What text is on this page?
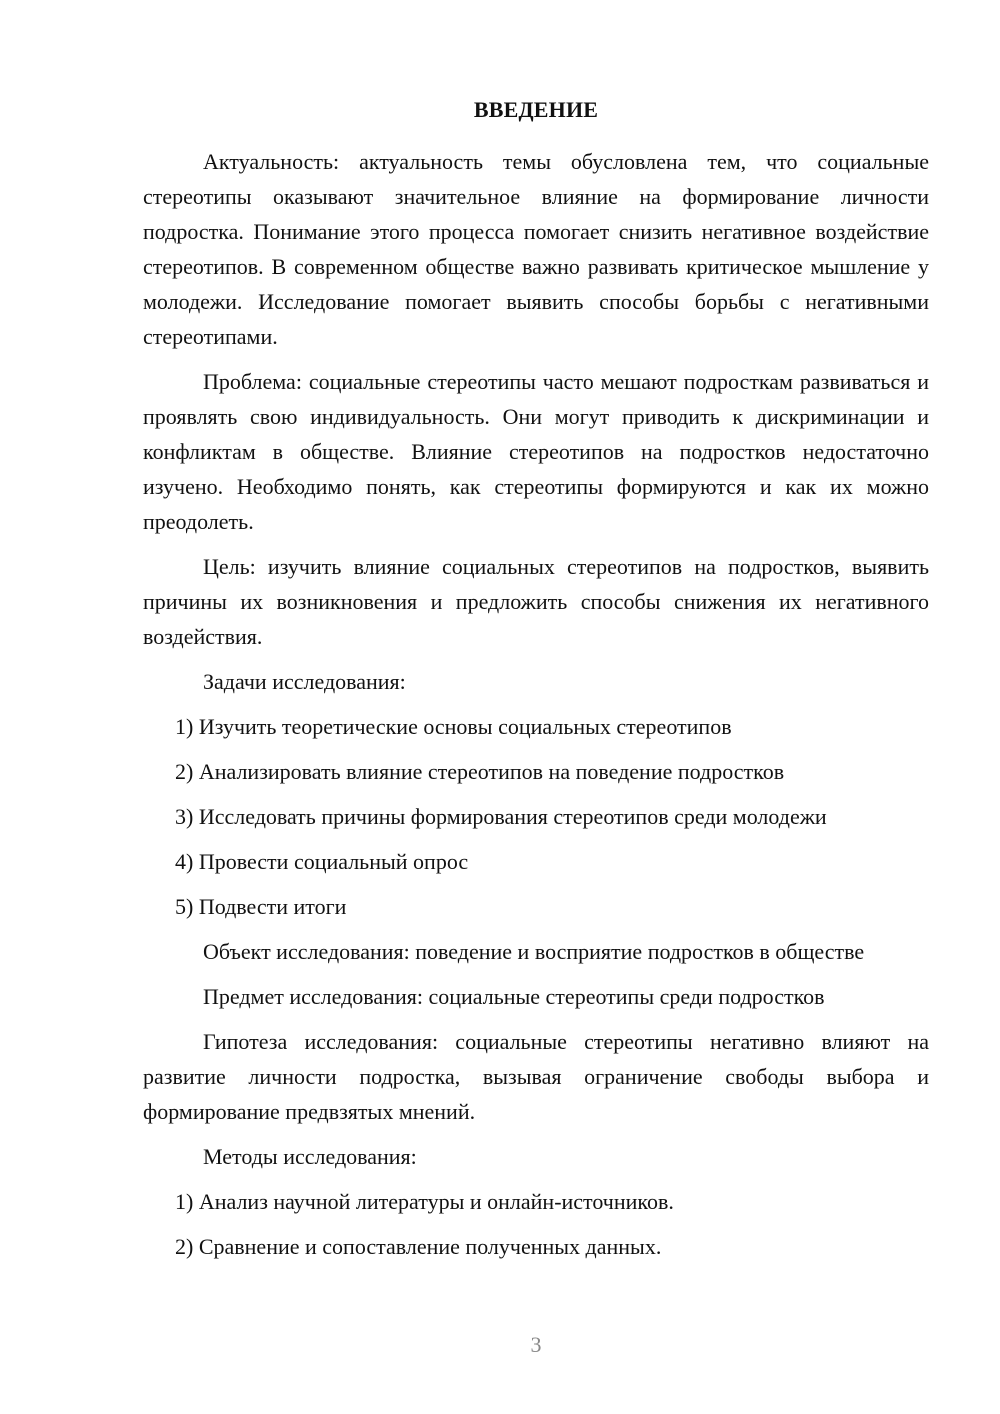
ВВЕДЕНИЕ

Актуальность: актуальность темы обусловлена тем, что социальные стереотипы оказывают значительное влияние на формирование личности подростка. Понимание этого процесса помогает снизить негативное воздействие стереотипов. В современном обществе важно развивать критическое мышление у молодежи. Исследование помогает выявить способы борьбы с негативными стереотипами.

Проблема: социальные стереотипы часто мешают подросткам развиваться и проявлять свою индивидуальность. Они могут приводить к дискриминации и конфликтам в обществе. Влияние стереотипов на подростков недостаточно изучено. Необходимо понять, как стереотипы формируются и как их можно преодолеть.

Цель: изучить влияние социальных стереотипов на подростков, выявить причины их возникновения и предложить способы снижения их негативного воздействия.

Задачи исследования:

1) Изучить теоретические основы социальных стереотипов
2) Анализировать влияние стереотипов на поведение подростков
3) Исследовать причины формирования стереотипов среди молодежи
4) Провести социальный опрос
5) Подвести итоги

Объект исследования: поведение и восприятие подростков в обществе

Предмет исследования: социальные стереотипы среди подростков

Гипотеза исследования: социальные стереотипы негативно влияют на развитие личности подростка, вызывая ограничение свободы выбора и формирование предвзятых мнений.

Методы исследования:

1) Анализ научной литературы и онлайн-источников.
2) Сравнение и сопоставление полученных данных.
3
